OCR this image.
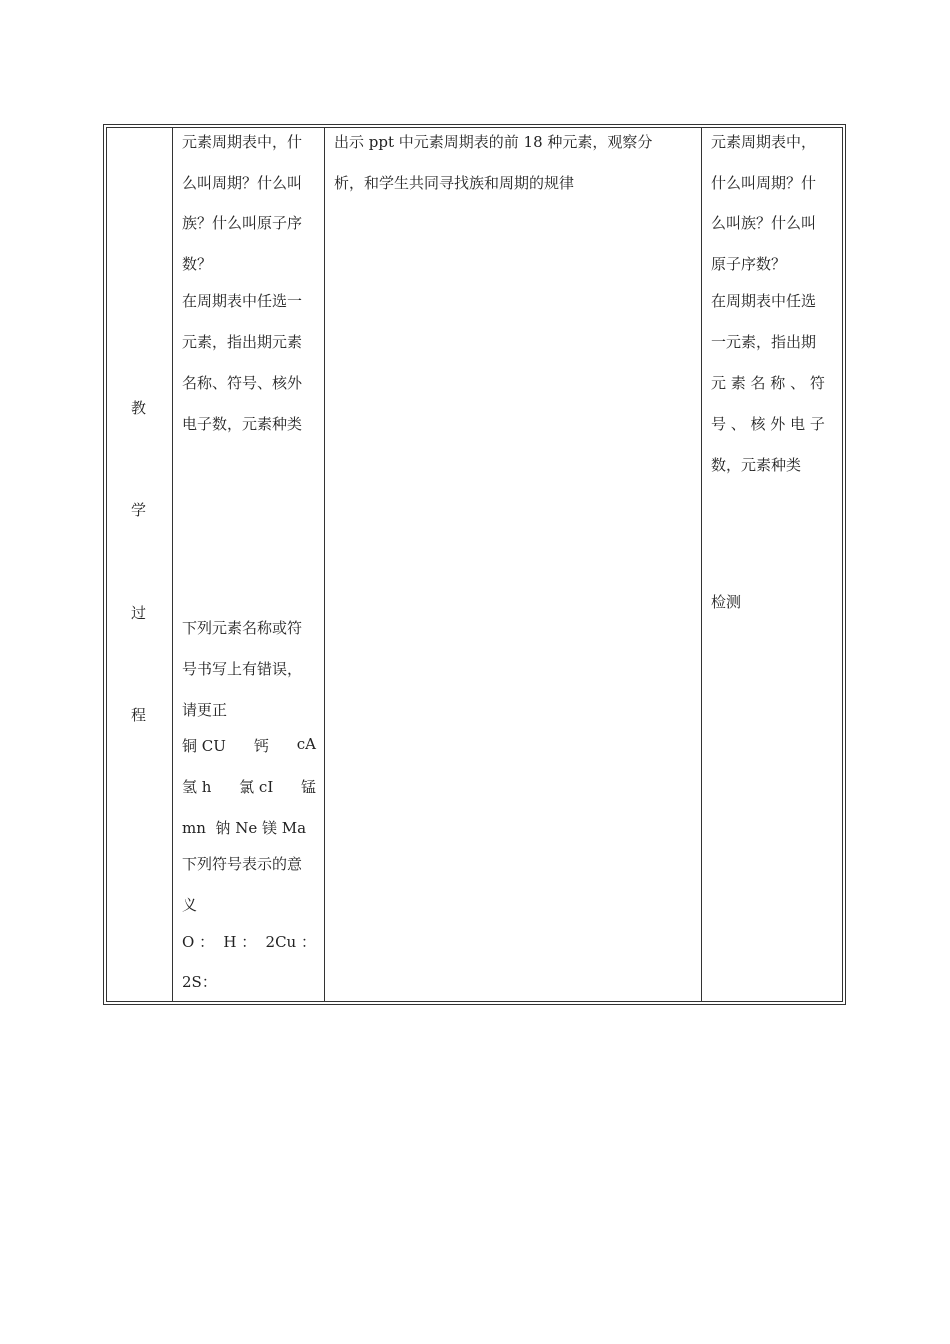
教
学
过
程
元素周期表中，什
么叫周期？什么叫
族？什么叫原子序
数？
在周期表中任选一
元素，指出期元素
名称、符号、核外
电子数，元素种类
下列元素名称或符
号书写上有错误，
请更正
铜 CU 钙 cA
氢 h 氯 cI 锰
mn  钠 Ne 镁 Ma
下列符号表示的意
义
O ： H ： 2Cu ：
2S：
出示 ppt 中元素周期表的前 18 种元素，观察分
析，和学生共同寻找族和周期的规律
元素周期表中，
什么叫周期？什
么叫族？什么叫
原子序数？
在周期表中任选
一元素，指出期
元 素 名 称 、 符
号 、 核 外 电 子
数，元素种类
检测
